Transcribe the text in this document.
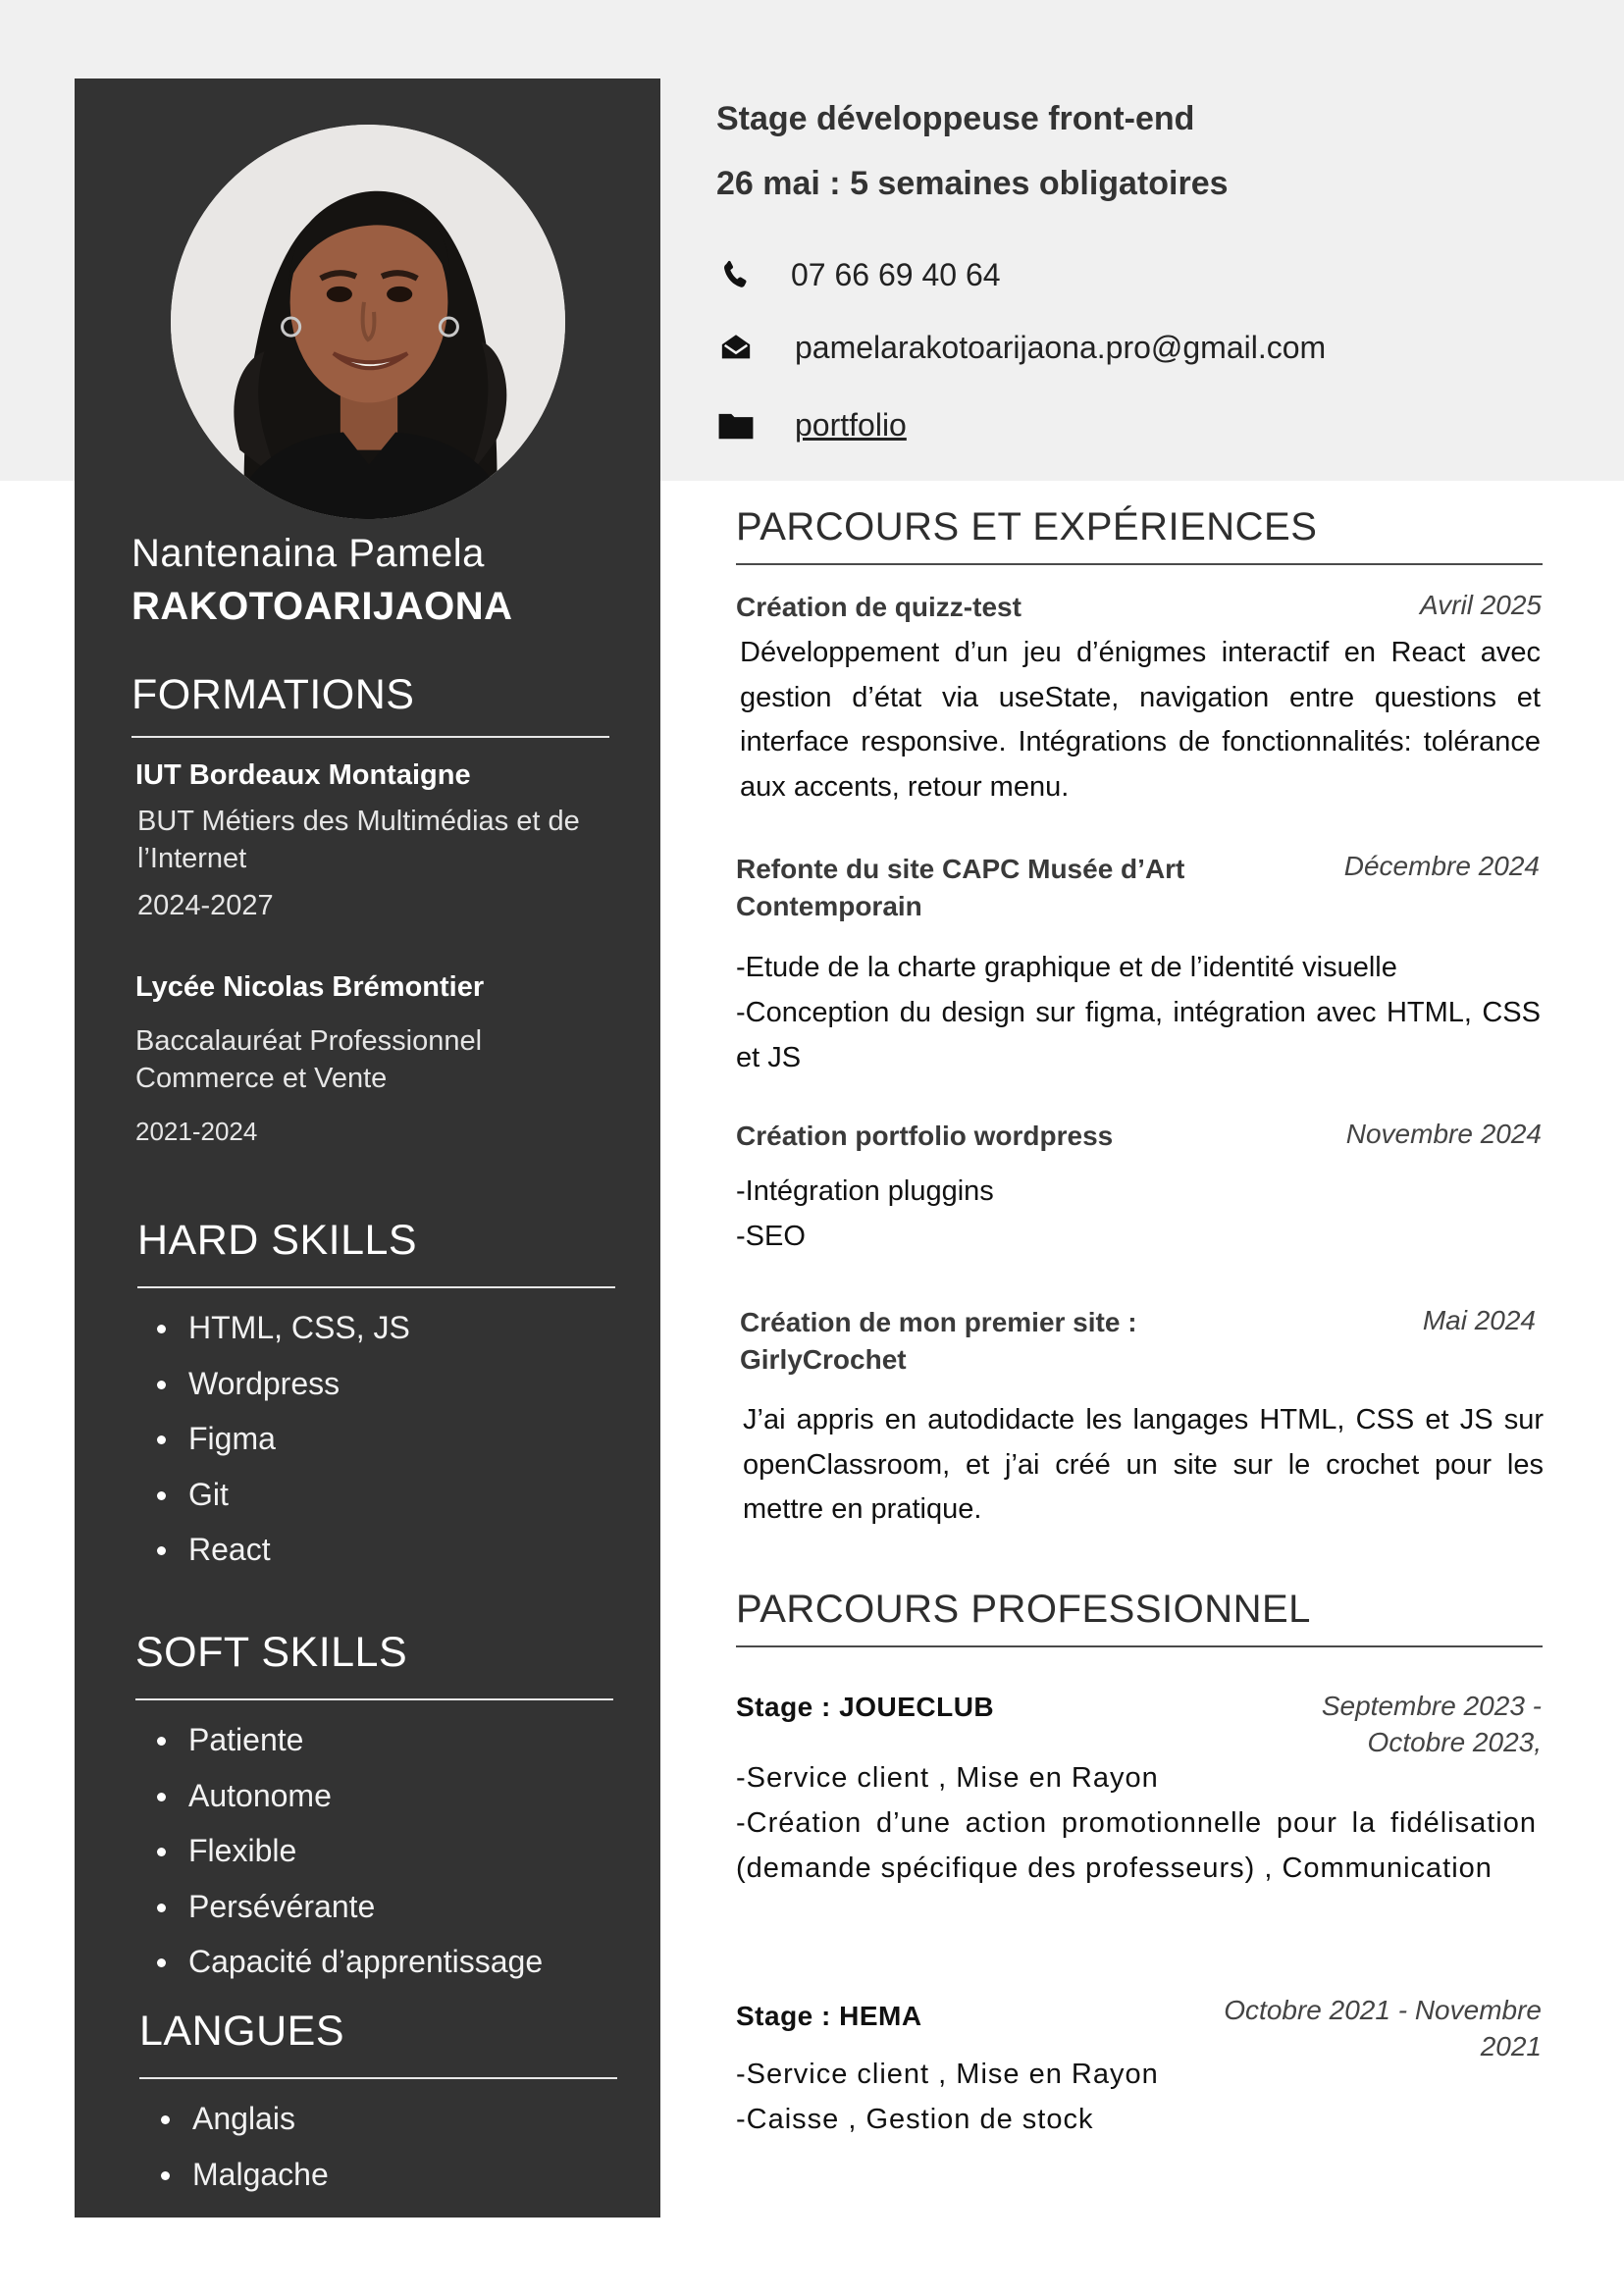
Nantenaina Pamela
RAKOTOARIJAONA
FORMATIONS
IUT Bordeaux Montaigne
BUT Métiers des Multimédias et de
l’Internet
2024-2027
Lycée Nicolas Brémontier
Baccalauréat Professionnel
Commerce et Vente
2021-2024
HARD SKILLS
HTML, CSS, JS
Wordpress
Figma
Git
React
SOFT SKILLS
Patiente
Autonome
Flexible
Persévérante
Capacité d’apprentissage
LANGUES
Anglais
Malgache
Stage développeuse front-end
26 mai : 5 semaines obligatoires
07 66 69 40 64
pamelarakotoarijaona.pro@gmail.com
portfolio
PARCOURS ET EXPÉRIENCES
Création de quizz-test	Avril 2025
Développement d’un jeu d’énigmes interactif en React avec gestion d’état via useState, navigation entre questions et interface responsive. Intégrations de fonctionnalités: tolérance aux accents, retour menu.
Refonte du site CAPC Musée d’Art
Contemporain
Décembre 2024
-Etude de la charte graphique et de l’identité visuelle
-Conception du design sur figma, intégration avec HTML, CSS et JS
Création portfolio wordpress	Novembre 2024
-Intégration pluggins
-SEO
Création de mon premier site :
GirlyCrochet
Mai 2024
J’ai appris en autodidacte les langages HTML, CSS et JS sur openClassroom, et j’ai créé un site sur le crochet pour les mettre en pratique.
PARCOURS PROFESSIONNEL
Stage : JOUECLUB	Septembre 2023 -
Octobre 2023,
-Service client , Mise en Rayon
-Création d’une action promotionnelle pour la fidélisation (demande spécifique des professeurs) , Communication
Stage : HEMA	Octobre 2021 - Novembre
2021
-Service client , Mise en Rayon
-Caisse , Gestion de stock
